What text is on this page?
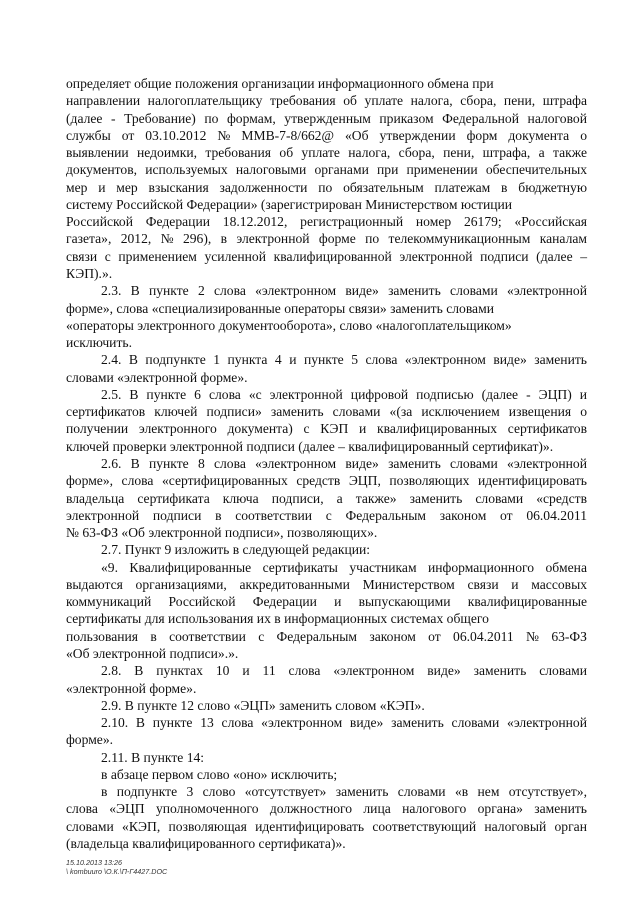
определяет общие положения организации информационного обмена при
направлении налогоплательщику требования об уплате налога, сбора, пени, штрафа
(далее - Требование) по формам, утвержденным приказом Федеральной налоговой
службы от 03.10.2012 № ММВ-7-8/662@ «Об утверждении форм документа о
выявлении недоимки, требования об уплате налога, сбора, пени, штрафа, а также
документов, используемых налоговыми органами при применении обеспечительных
мер и мер взыскания задолженности по обязательным платежам в бюджетную
систему Российской Федерации» (зарегистрирован Министерством юстиции
Российской Федерации 18.12.2012, регистрационный номер 26179; «Российская
газета», 2012, № 296), в электронной форме по телекоммуникационным каналам
связи с применением усиленной квалифицированной электронной подписи (далее –
КЭП).».
2.3. В пункте 2 слова «электронном виде» заменить словами «электронной
форме», слова «специализированные операторы связи» заменить словами
«операторы электронного документооборота», слово «налогоплательщиком»
исключить.
2.4. В подпункте 1 пункта 4 и пункте 5 слова «электронном виде» заменить
словами «электронной форме».
2.5. В пункте 6 слова «с электронной цифровой подписью (далее - ЭЦП) и
сертификатов ключей подписи» заменить словами «(за исключением извещения о
получении электронного документа) с КЭП и квалифицированных сертификатов
ключей проверки электронной подписи (далее – квалифицированный сертификат)».
2.6. В пункте 8 слова «электронном виде» заменить словами «электронной
форме», слова «сертифицированных средств ЭЦП, позволяющих идентифицировать
владельца сертификата ключа подписи, а также» заменить словами «средств
электронной подписи в соответствии с Федеральным законом от 06.04.2011
№ 63-ФЗ «Об электронной подписи», позволяющих».
2.7. Пункт 9 изложить в следующей редакции:
«9. Квалифицированные сертификаты участникам информационного обмена
выдаются организациями, аккредитованными Министерством связи и массовых
коммуникаций Российской Федерации и выпускающими квалифицированные
сертификаты для использования их в информационных системах общего
пользования в соответствии с Федеральным законом от 06.04.2011 № 63-ФЗ
«Об электронной подписи».».
2.8. В пунктах 10 и 11 слова «электронном виде» заменить словами
«электронной форме».
2.9. В пункте 12 слово «ЭЦП» заменить словом «КЭП».
2.10. В пункте 13 слова «электронном виде» заменить словами «электронной
форме».
2.11. В пункте 14:
в абзаце первом слово «оно» исключить;
в подпункте 3 слово «отсутствует» заменить словами «в нем отсутствует»,
слова «ЭЦП уполномоченного должностного лица налогового органа» заменить
словами «КЭП, позволяющая идентифицировать соответствующий налоговый орган
(владельца квалифицированного сертификата)».
15.10.2013 13:26
\ kombuuro \О.К.\П-Г4427.DOC
